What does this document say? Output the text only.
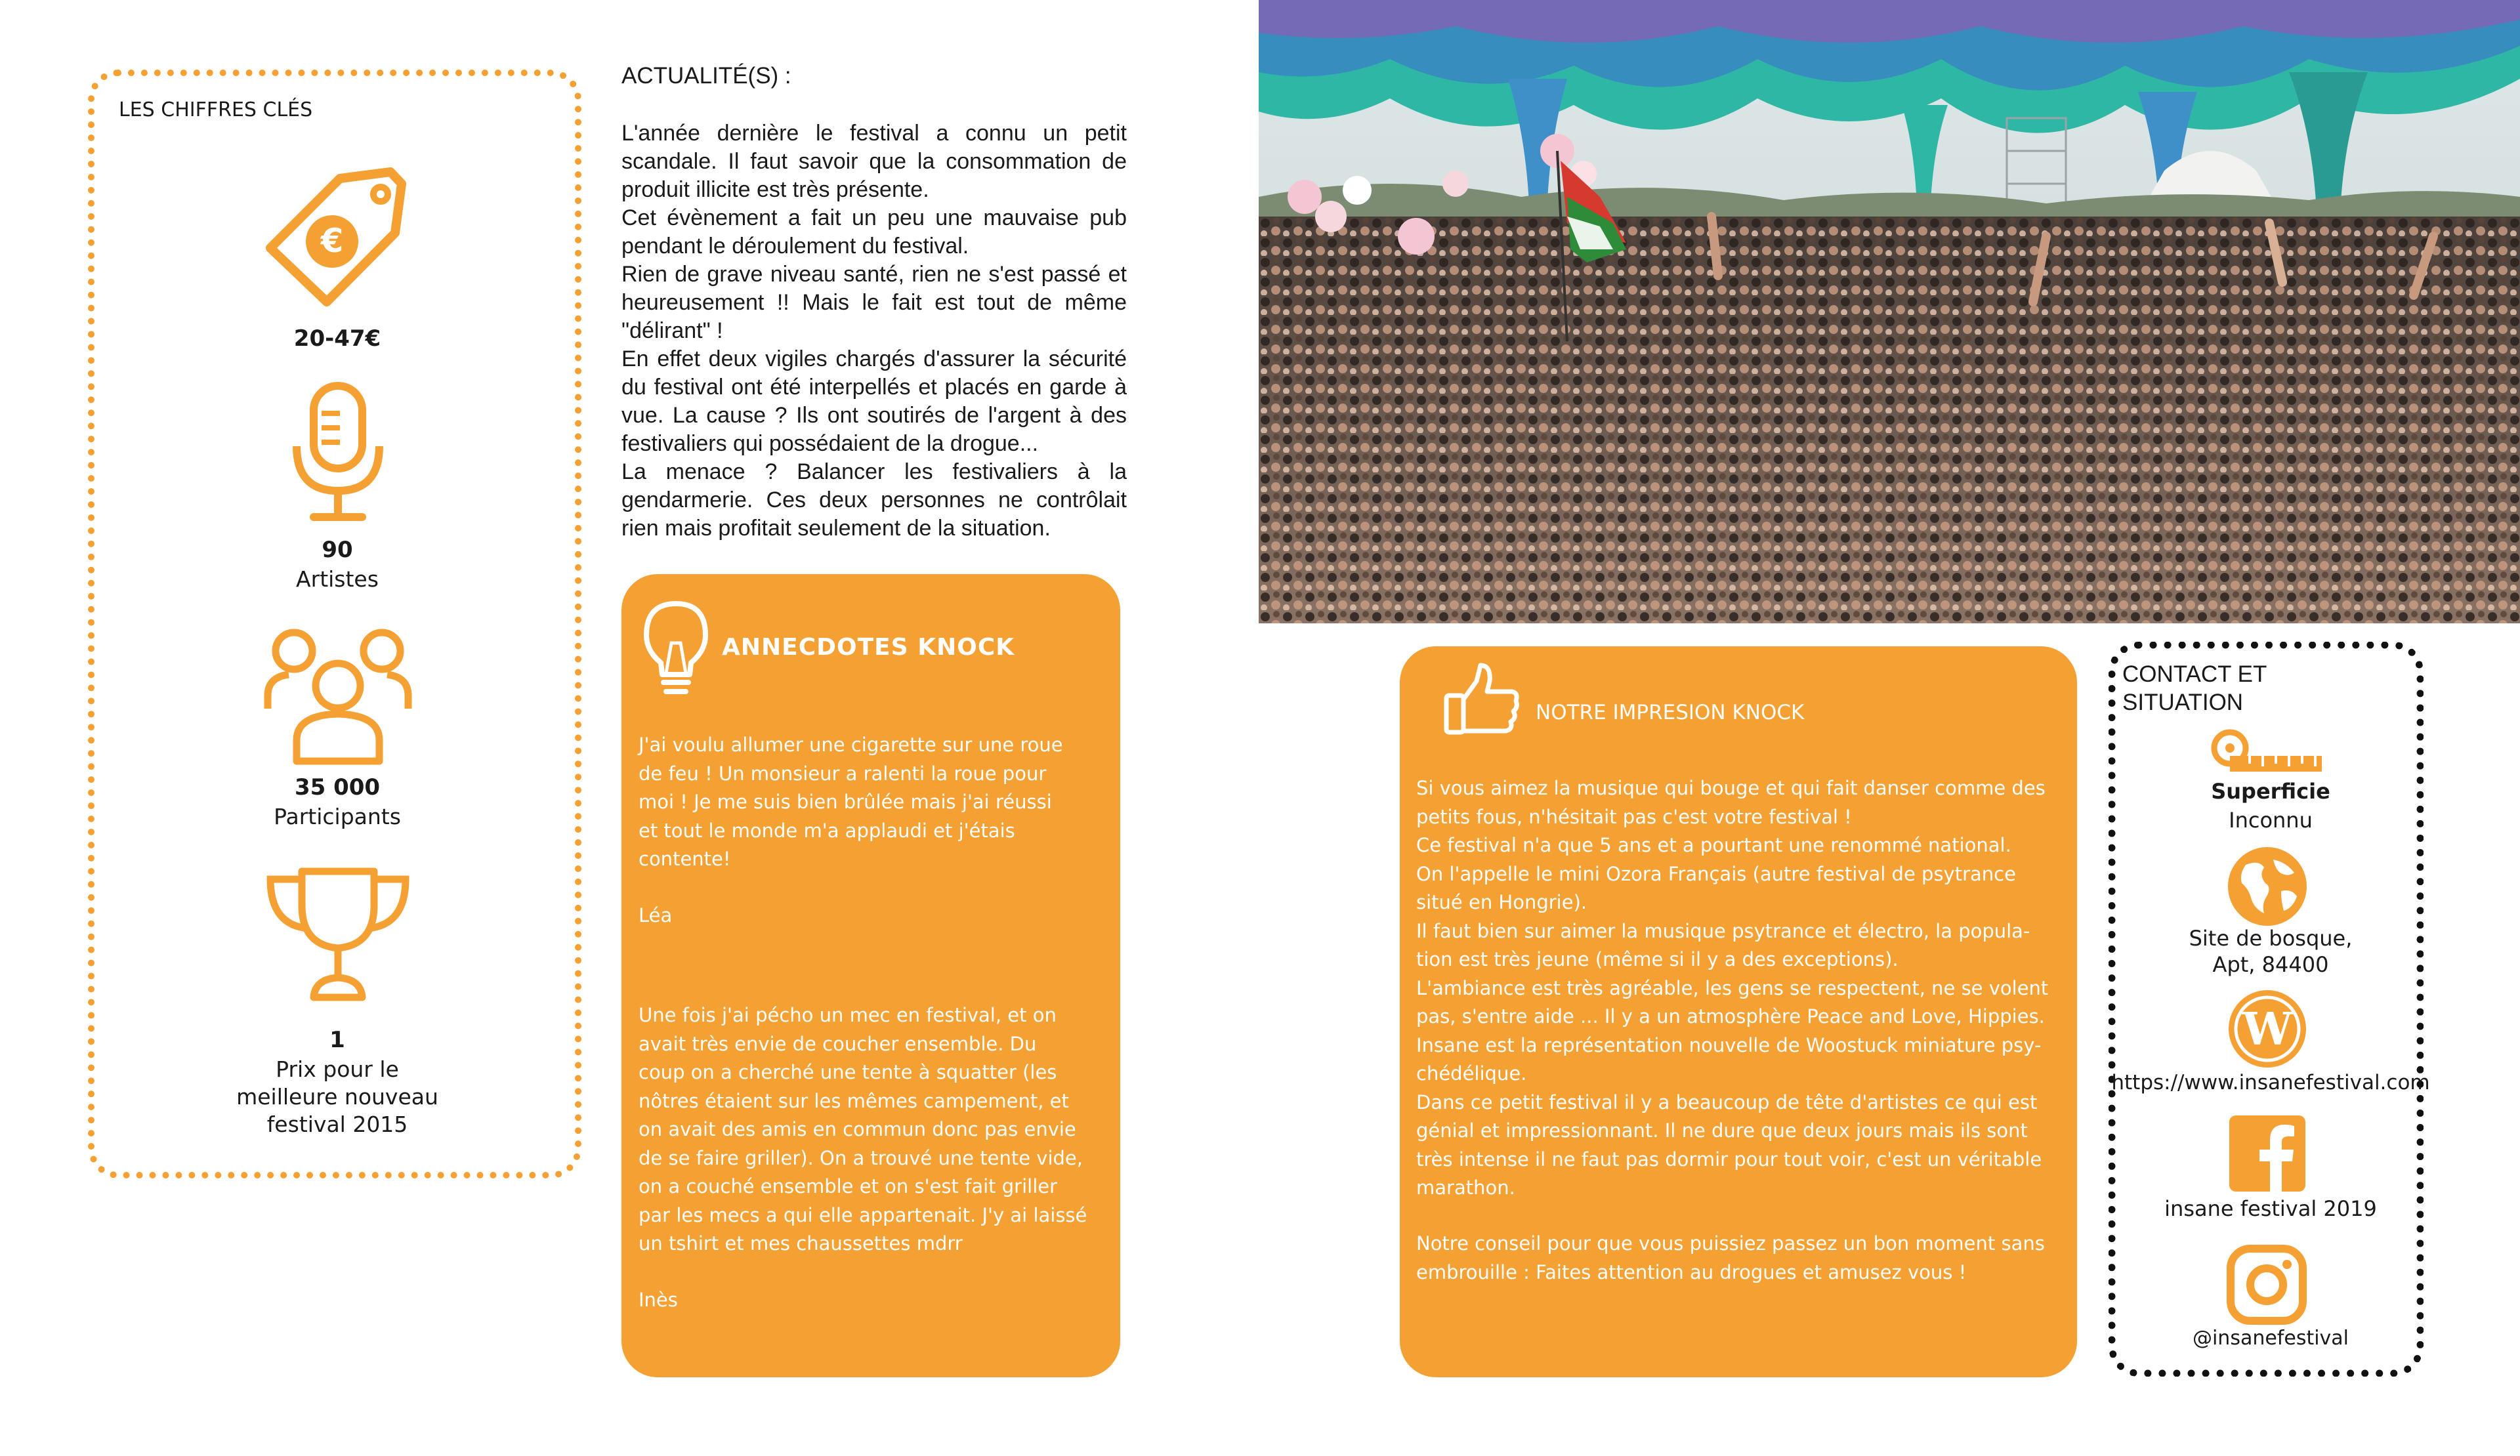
LES CHIFFRES CLÉS
€
20-47€
90
Artistes
35 000
Participants
1
Prix pour le
meilleure nouveau
festival 2015
ACTUALITÉ(S) :

L'année dernière le festival a connu un petit scandale. Il faut savoir que la consommation de produit illicite est très présente.

Cet évènement a fait un peu une mauvaise pub pendant le déroulement du festival.

Rien de grave niveau santé, rien ne s'est passé et heureusement !! Mais le fait est tout de même "délirant" !

En effet deux vigiles chargés d'assurer la sécurité du festival ont été interpellés et placés en garde à vue. La cause ? Ils ont soutirés de l'argent à des festivaliers qui possédaient de la drogue...

La menace ? Balancer les festivaliers à la gendarmerie. Ces deux personnes ne contrôlait rien mais profitait seulement de la situation.

ANNECDOTES KNOCK
J'ai voulu allumer une cigarette sur une roue
de feu ! Un monsieur a ralenti la roue pour
moi ! Je me suis bien brûlée mais j'ai réussi
et tout le monde m'a applaudi et j'étais
contente!
Léa
Une fois j'ai pécho un mec en festival, et on
avait très envie de coucher ensemble. Du
coup on a cherché une tente à squatter (les
nôtres étaient sur les mêmes campement, et
on avait des amis en commun donc pas envie
de se faire griller). On a trouvé une tente vide,
on a couché ensemble et on s'est fait griller
par les mecs a qui elle appartenait. J'y ai laissé
un tshirt et mes chaussettes mdrr
Inès
NOTRE IMPRESION KNOCK
Si vous aimez la musique qui bouge et qui fait danser comme des
petits fous, n'hésitait pas c'est votre festival !
Ce festival n'a que 5 ans et a pourtant une renommé national.
On l'appelle le mini Ozora Français (autre festival de psytrance
situé en Hongrie).
Il faut bien sur aimer la musique psytrance et électro, la popula-
tion est très jeune (même si il y a des exceptions).
L'ambiance est très agréable, les gens se respectent, ne se volent
pas, s'entre aide ... Il y a un atmosphère Peace and Love, Hippies.
Insane est la représentation nouvelle de Woostuck miniature psy-
chédélique.
Dans ce petit festival il y a beaucoup de tête d'artistes ce qui est
génial et impressionnant. Il ne dure que deux jours mais ils sont
très intense il ne faut pas dormir pour tout voir, c'est un véritable
marathon.
Notre conseil pour que vous puissiez passez un bon moment sans
embrouille : Faites attention au drogues et amusez vous !
CONTACT ET
SITUATION
Superficie
Inconnu
Site de bosque,
Apt, 84400
W
https://www.insanefestival.com
insane festival 2019
@insanefestival
